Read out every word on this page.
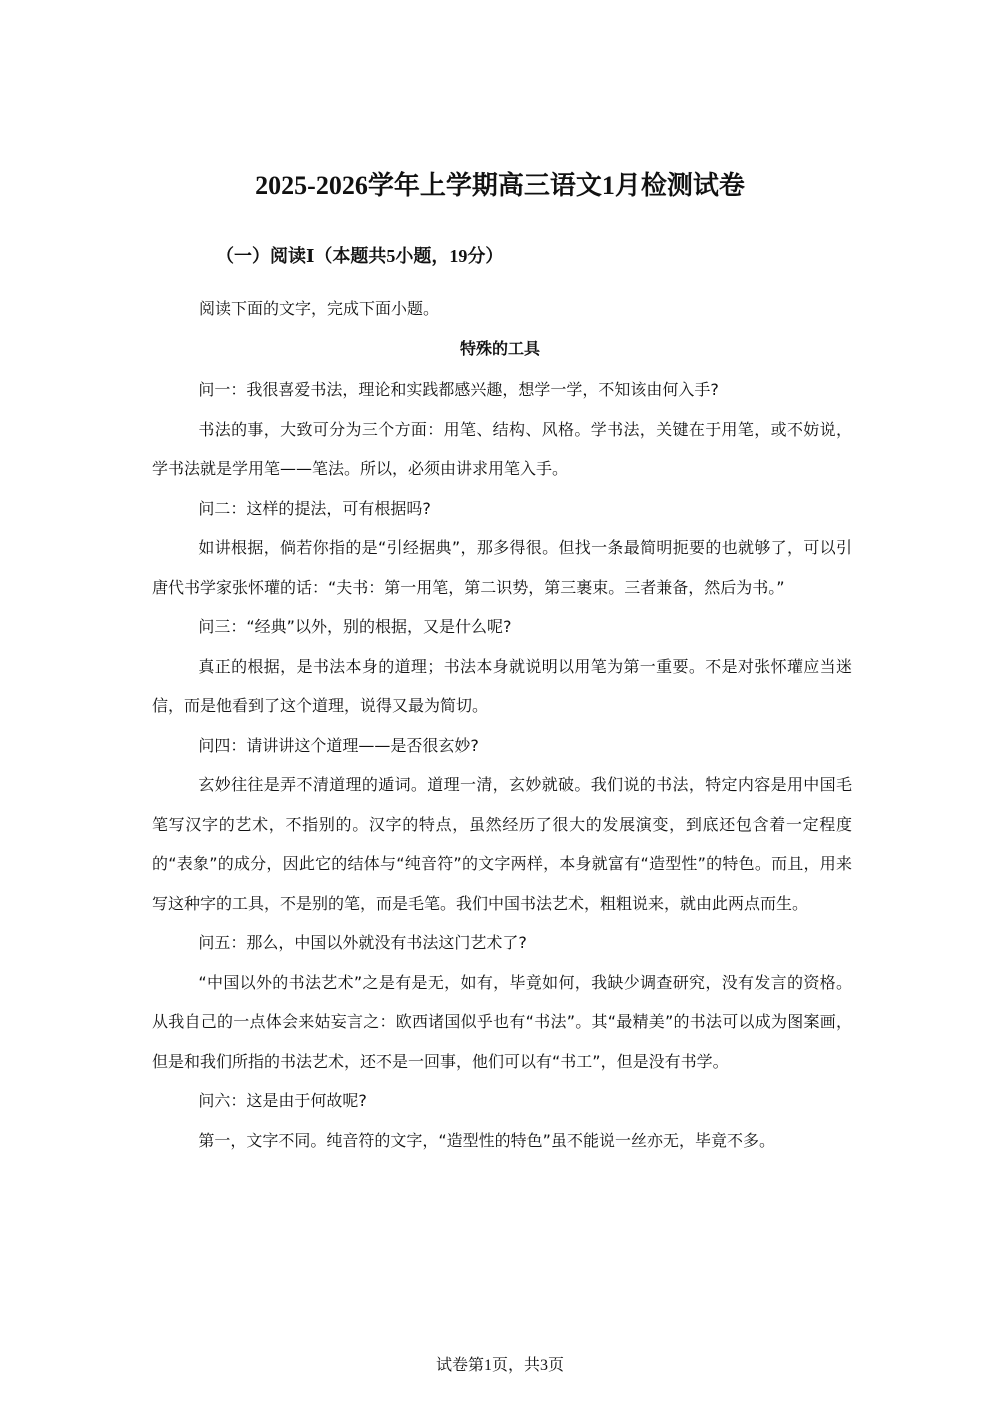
2025-2026学年上学期高三语文1月检测试卷
（一）阅读Ⅰ（本题共5小题，19分）

阅读下面的文字，完成下面小题。

特殊的工具

问一：我很喜爱书法，理论和实践都感兴趣，想学一学，不知该由何入手?

书法的事，大致可分为三个方面：用笔、结构、风格。学书法，关键在于用笔，或不妨说，学书法就是学用笔——笔法。所以，必须由讲求用笔入手。

问二：这样的提法，可有根据吗?

如讲根据，倘若你指的是“引经据典”，那多得很。但找一条最简明扼要的也就够了，可以引唐代书学家张怀瓘的话：“夫书：第一用笔，第二识势，第三裹束。三者兼备，然后为书。”

问三：“经典”以外，别的根据，又是什么呢?

真正的根据，是书法本身的道理；书法本身就说明以用笔为第一重要。不是对张怀瓘应当迷信，而是他看到了这个道理，说得又最为简切。

问四：请讲讲这个道理——是否很玄妙?

玄妙往往是弄不清道理的遁词。道理一清，玄妙就破。我们说的书法，特定内容是用中国毛笔写汉字的艺术，不指别的。汉字的特点，虽然经历了很大的发展演变，到底还包含着一定程度的“表象”的成分，因此它的结体与“纯音符”的文字两样，本身就富有“造型性”的特色。而且，用来写这种字的工具，不是别的笔，而是毛笔。我们中国书法艺术，粗粗说来，就由此两点而生。

问五：那么，中国以外就没有书法这门艺术了?

“中国以外的书法艺术”之是有是无，如有，毕竟如何，我缺少调查研究，没有发言的资格。从我自己的一点体会来姑妄言之：欧西诸国似乎也有“书法”。其“最精美”的书法可以成为图案画，但是和我们所指的书法艺术，还不是一回事，他们可以有“书工”，但是没有书学。

问六：这是由于何故呢?

第一，文字不同。纯音符的文字，“造型性的特色”虽不能说一丝亦无，毕竟不多。

试卷第1页，共3页
